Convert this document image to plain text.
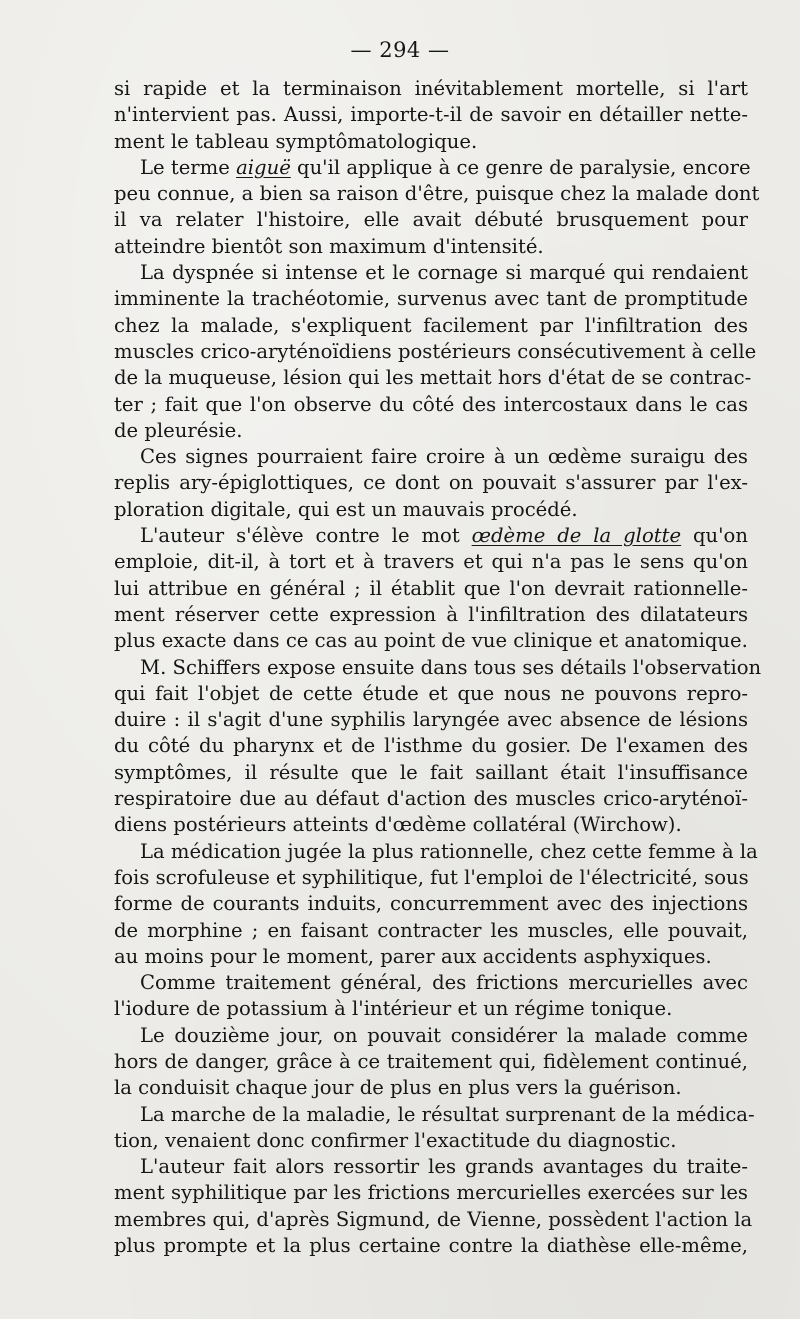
— 294 —
si rapide et la terminaison inévitablement mortelle, si l'art
n'intervient pas. Aussi, importe-t-il de savoir en détailler nette-
ment le tableau symptômatologique.
Le terme aiguë qu'il applique à ce genre de paralysie, encore
peu connue, a bien sa raison d'être, puisque chez la malade dont
il va relater l'histoire, elle avait débuté brusquement pour
atteindre bientôt son maximum d'intensité.
La dyspnée si intense et le cornage si marqué qui rendaient
imminente la trachéotomie, survenus avec tant de promptitude
chez la malade, s'expliquent facilement par l'infiltration des
muscles crico-aryténoïdiens postérieurs consécutivement à celle
de la muqueuse, lésion qui les mettait hors d'état de se contrac-
ter ; fait que l'on observe du côté des intercostaux dans le cas
de pleurésie.
Ces signes pourraient faire croire à un œdème suraigu des
replis ary-épiglottiques, ce dont on pouvait s'assurer par l'ex-
ploration digitale, qui est un mauvais procédé.
L'auteur s'élève contre le mot œdème de la glotte qu'on
emploie, dit-il, à tort et à travers et qui n'a pas le sens qu'on
lui attribue en général ; il établit que l'on devrait rationnelle-
ment réserver cette expression à l'infiltration des dilatateurs
plus exacte dans ce cas au point de vue clinique et anatomique.
M. Schiffers expose ensuite dans tous ses détails l'observation
qui fait l'objet de cette étude et que nous ne pouvons repro-
duire : il s'agit d'une syphilis laryngée avec absence de lésions
du côté du pharynx et de l'isthme du gosier. De l'examen des
symptômes, il résulte que le fait saillant était l'insuffisance
respiratoire due au défaut d'action des muscles crico-aryténoï-
diens postérieurs atteints d'œdème collatéral (Wirchow).
La médication jugée la plus rationnelle, chez cette femme à la
fois scrofuleuse et syphilitique, fut l'emploi de l'électricité, sous
forme de courants induits, concurremment avec des injections
de morphine ; en faisant contracter les muscles, elle pouvait,
au moins pour le moment, parer aux accidents asphyxiques.
Comme traitement général, des frictions mercurielles avec
l'iodure de potassium à l'intérieur et un régime tonique.
Le douzième jour, on pouvait considérer la malade comme
hors de danger, grâce à ce traitement qui, fidèlement continué,
la conduisit chaque jour de plus en plus vers la guérison.
La marche de la maladie, le résultat surprenant de la médica-
tion, venaient donc confirmer l'exactitude du diagnostic.
L'auteur fait alors ressortir les grands avantages du traite-
ment syphilitique par les frictions mercurielles exercées sur les
membres qui, d'après Sigmund, de Vienne, possèdent l'action la
plus prompte et la plus certaine contre la diathèse elle-même,
